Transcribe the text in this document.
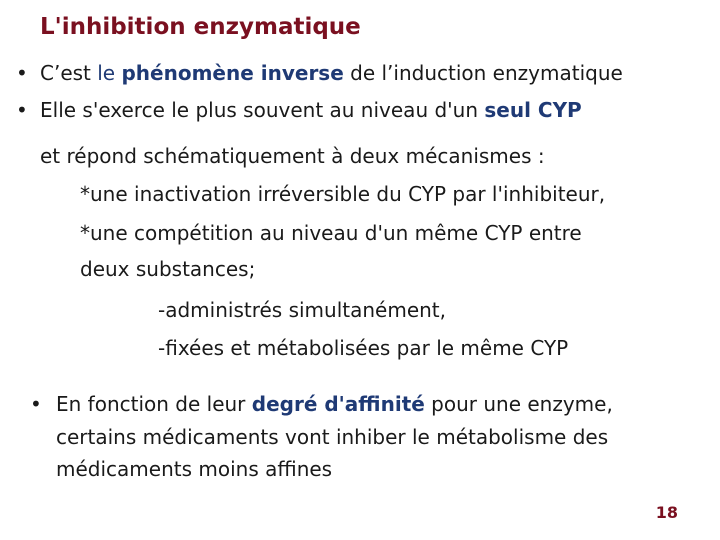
L'inhibition enzymatique
• C’est le phénomène inverse de l’induction enzymatique
• Elle s'exerce le plus souvent au niveau d'un seul CYP
et répond schématiquement à deux mécanismes :
*une inactivation irréversible du CYP par l'inhibiteur,
*une compétition au niveau d'un même CYP entre
deux substances;
-administrés simultanément,
-fixées et métabolisées par le même CYP
• En fonction de leur degré d'affinité pour une enzyme,
certains médicaments vont inhiber le métabolisme des
médicaments moins affines
18
